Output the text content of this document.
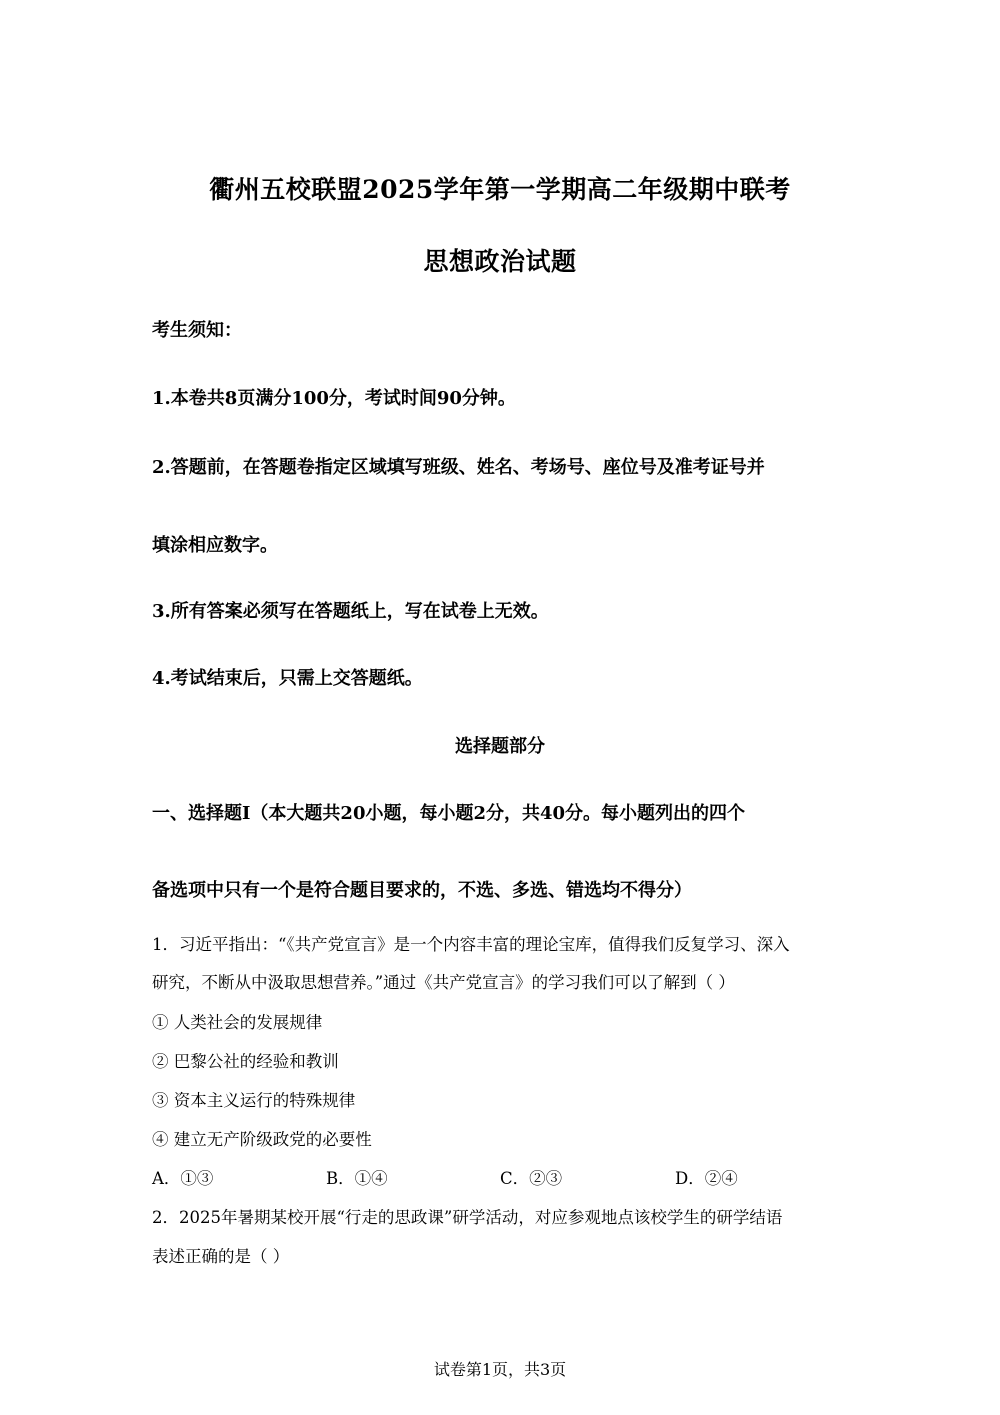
衢州五校联盟2025学年第一学期高二年级期中联考
思想政治试题
考生须知：
1.本卷共8页满分100分，考试时间90分钟。
2.答题前，在答题卷指定区域填写班级、姓名、考场号、座位号及准考证号并
填涂相应数字。
3.所有答案必须写在答题纸上，写在试卷上无效。
4.考试结束后，只需上交答题纸。
选择题部分
一、选择题Ⅰ（本大题共20小题，每小题2分，共40分。每小题列出的四个
备选项中只有一个是符合题目要求的，不选、多选、错选均不得分）
1．习近平指出：“《共产党宣言》是一个内容丰富的理论宝库，值得我们反复学习、深入
研究，不断从中汲取思想营养。”通过《共产党宣言》的学习我们可以了解到（ ）
① 人类社会的发展规律
② 巴黎公社的经验和教训
③ 资本主义运行的特殊规律
④ 建立无产阶级政党的必要性
A．①③	B．①④	C．②③	D．②④
2．2025年暑期某校开展“行走的思政课”研学活动，对应参观地点该校学生的研学结语
表述正确的是（ ）
试卷第1页，共3页
